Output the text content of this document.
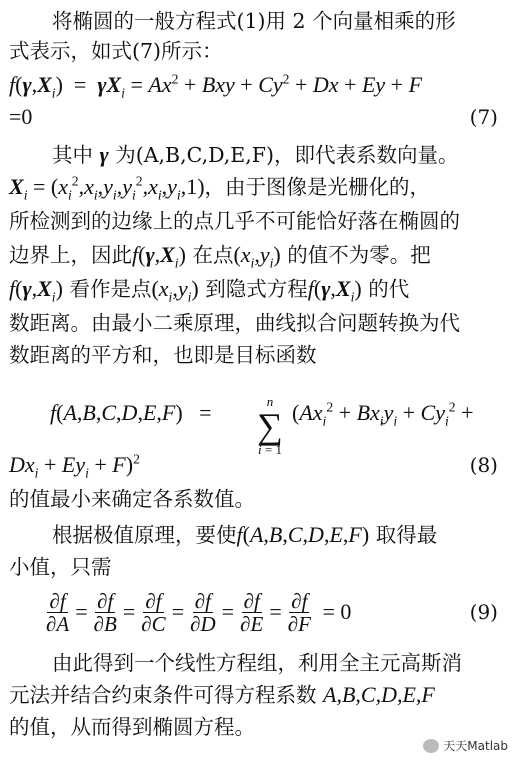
将椭圆的一般方程式(1)用 2 个向量相乘的形
式表示，如式(7)所示：
$f(\gamma,X_i) = \gamma X_i = Ax^2$ + Bxy + $Cy^2 + Dx + Ey + F$
=0	(7)
其中 γ 为(A,B,C,D,E,F)，即代表系数向量。
$X_i = (x_i^2,x_i,y_i,y_i^2,x_i,y_i,1)$，由于图像是光栅化的，
所检测到的边缘上的点几乎不可能恰好落在椭圆的
边界上，因此$f(\gamma,X_i)$ 在点$(x_i,y_i)$ 的值不为零。把
$f(\gamma,X_i)$ 看作是点$(x_i,y_i)$ 到隐式方程$f(\gamma,X_i)$ 的代
数距离。由最小二乘原理，曲线拟合问题转换为代
数距离的平方和，也即是目标函数
f(A,B,C,D,E,F)   =	n
∑
i = 1
($Ax_i^2 + Bx_iy_i + Cy_i^2$ +
$Dx_i + Ey_i + F)^2$	(8)
的值最小来确定各系数值。
根据极值原理，要使f(A,B,C,D,E,F) 取得最
小值，只需
$\frac{\partial f}{\partial A} = \frac{\partial f}{\partial B} = \frac{\partial f}{\partial C} = \frac{\partial f}{\partial D} = \frac{\partial f}{\partial E} = \frac{\partial f}{\partial F} = 0$	(9)
由此得到一个线性方程组，利用全主元高斯消
元法并结合约束条件可得方程系数 A,B,C,D,E,F
的值，从而得到椭圆方程。
天天Matlab
